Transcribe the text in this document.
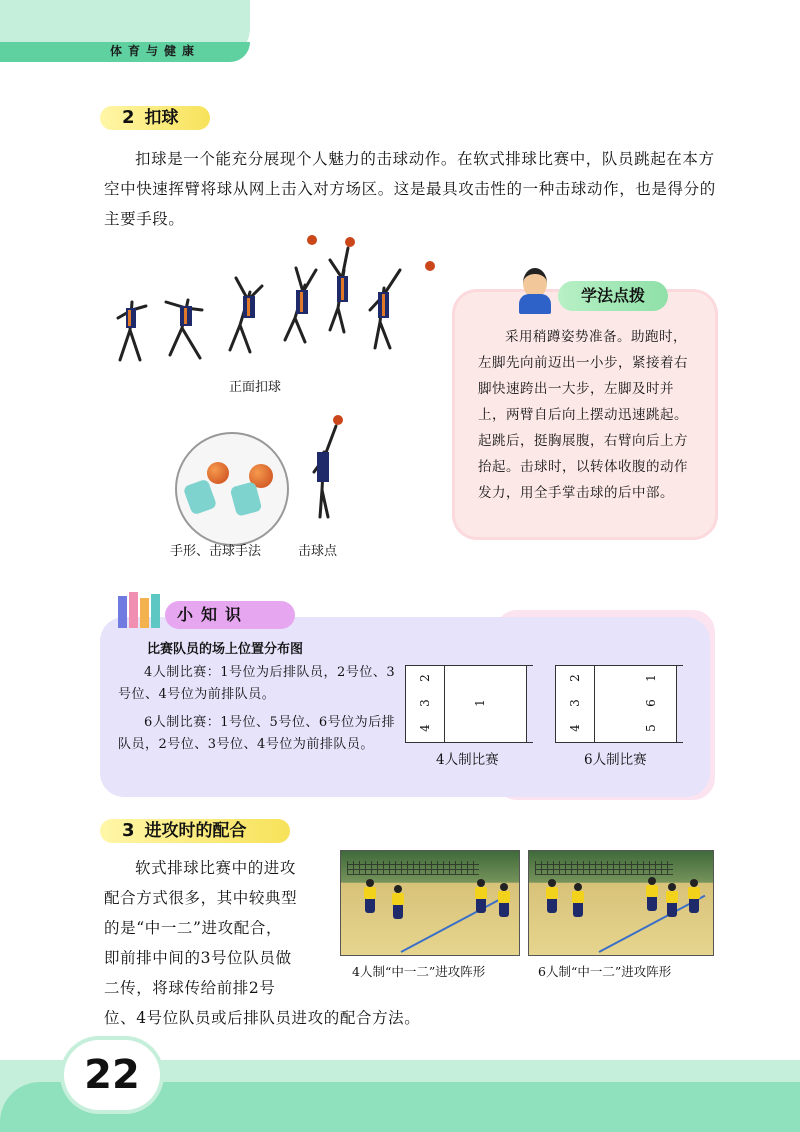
体育与健康
2 扣球
扣球是一个能充分展现个人魅力的击球动作。在软式排球比赛中，队员跳起在本方空中快速挥臂将球从网上击入对方场区。这是最具攻击性的一种击球动作，也是得分的主要手段。
正面扣球
手形、击球手法	击球点
学法点拨
采用稍蹲姿势准备。助跑时，左脚先向前迈出一小步，紧接着右脚快速跨出一大步，左脚及时并上，两臂自后向上摆动迅速跳起。起跳后，挺胸展腹，右臂向后上方抬起。击球时，以转体收腹的动作发力，用全手掌击球的后中部。
小知识
比赛队员的场上位置分布图
4人制比赛：1号位为后排队员，2号位、3号位、4号位为前排队员。
6人制比赛：1号位、5号位、6号位为后排队员，2号位、3号位、4号位为前排队员。
2
3
4
1
4人制比赛
2
3
4
1
6
5
6人制比赛
3 进攻时的配合
软式排球比赛中的进攻
配合方式很多，其中较典型
的是“中一二”进攻配合，
即前排中间的3号位队员做
二传，将球传给前排2号
位、4号位队员或后排队员进攻的配合方法。
4人制“中一二”进攻阵形	6人制“中一二”进攻阵形
22
